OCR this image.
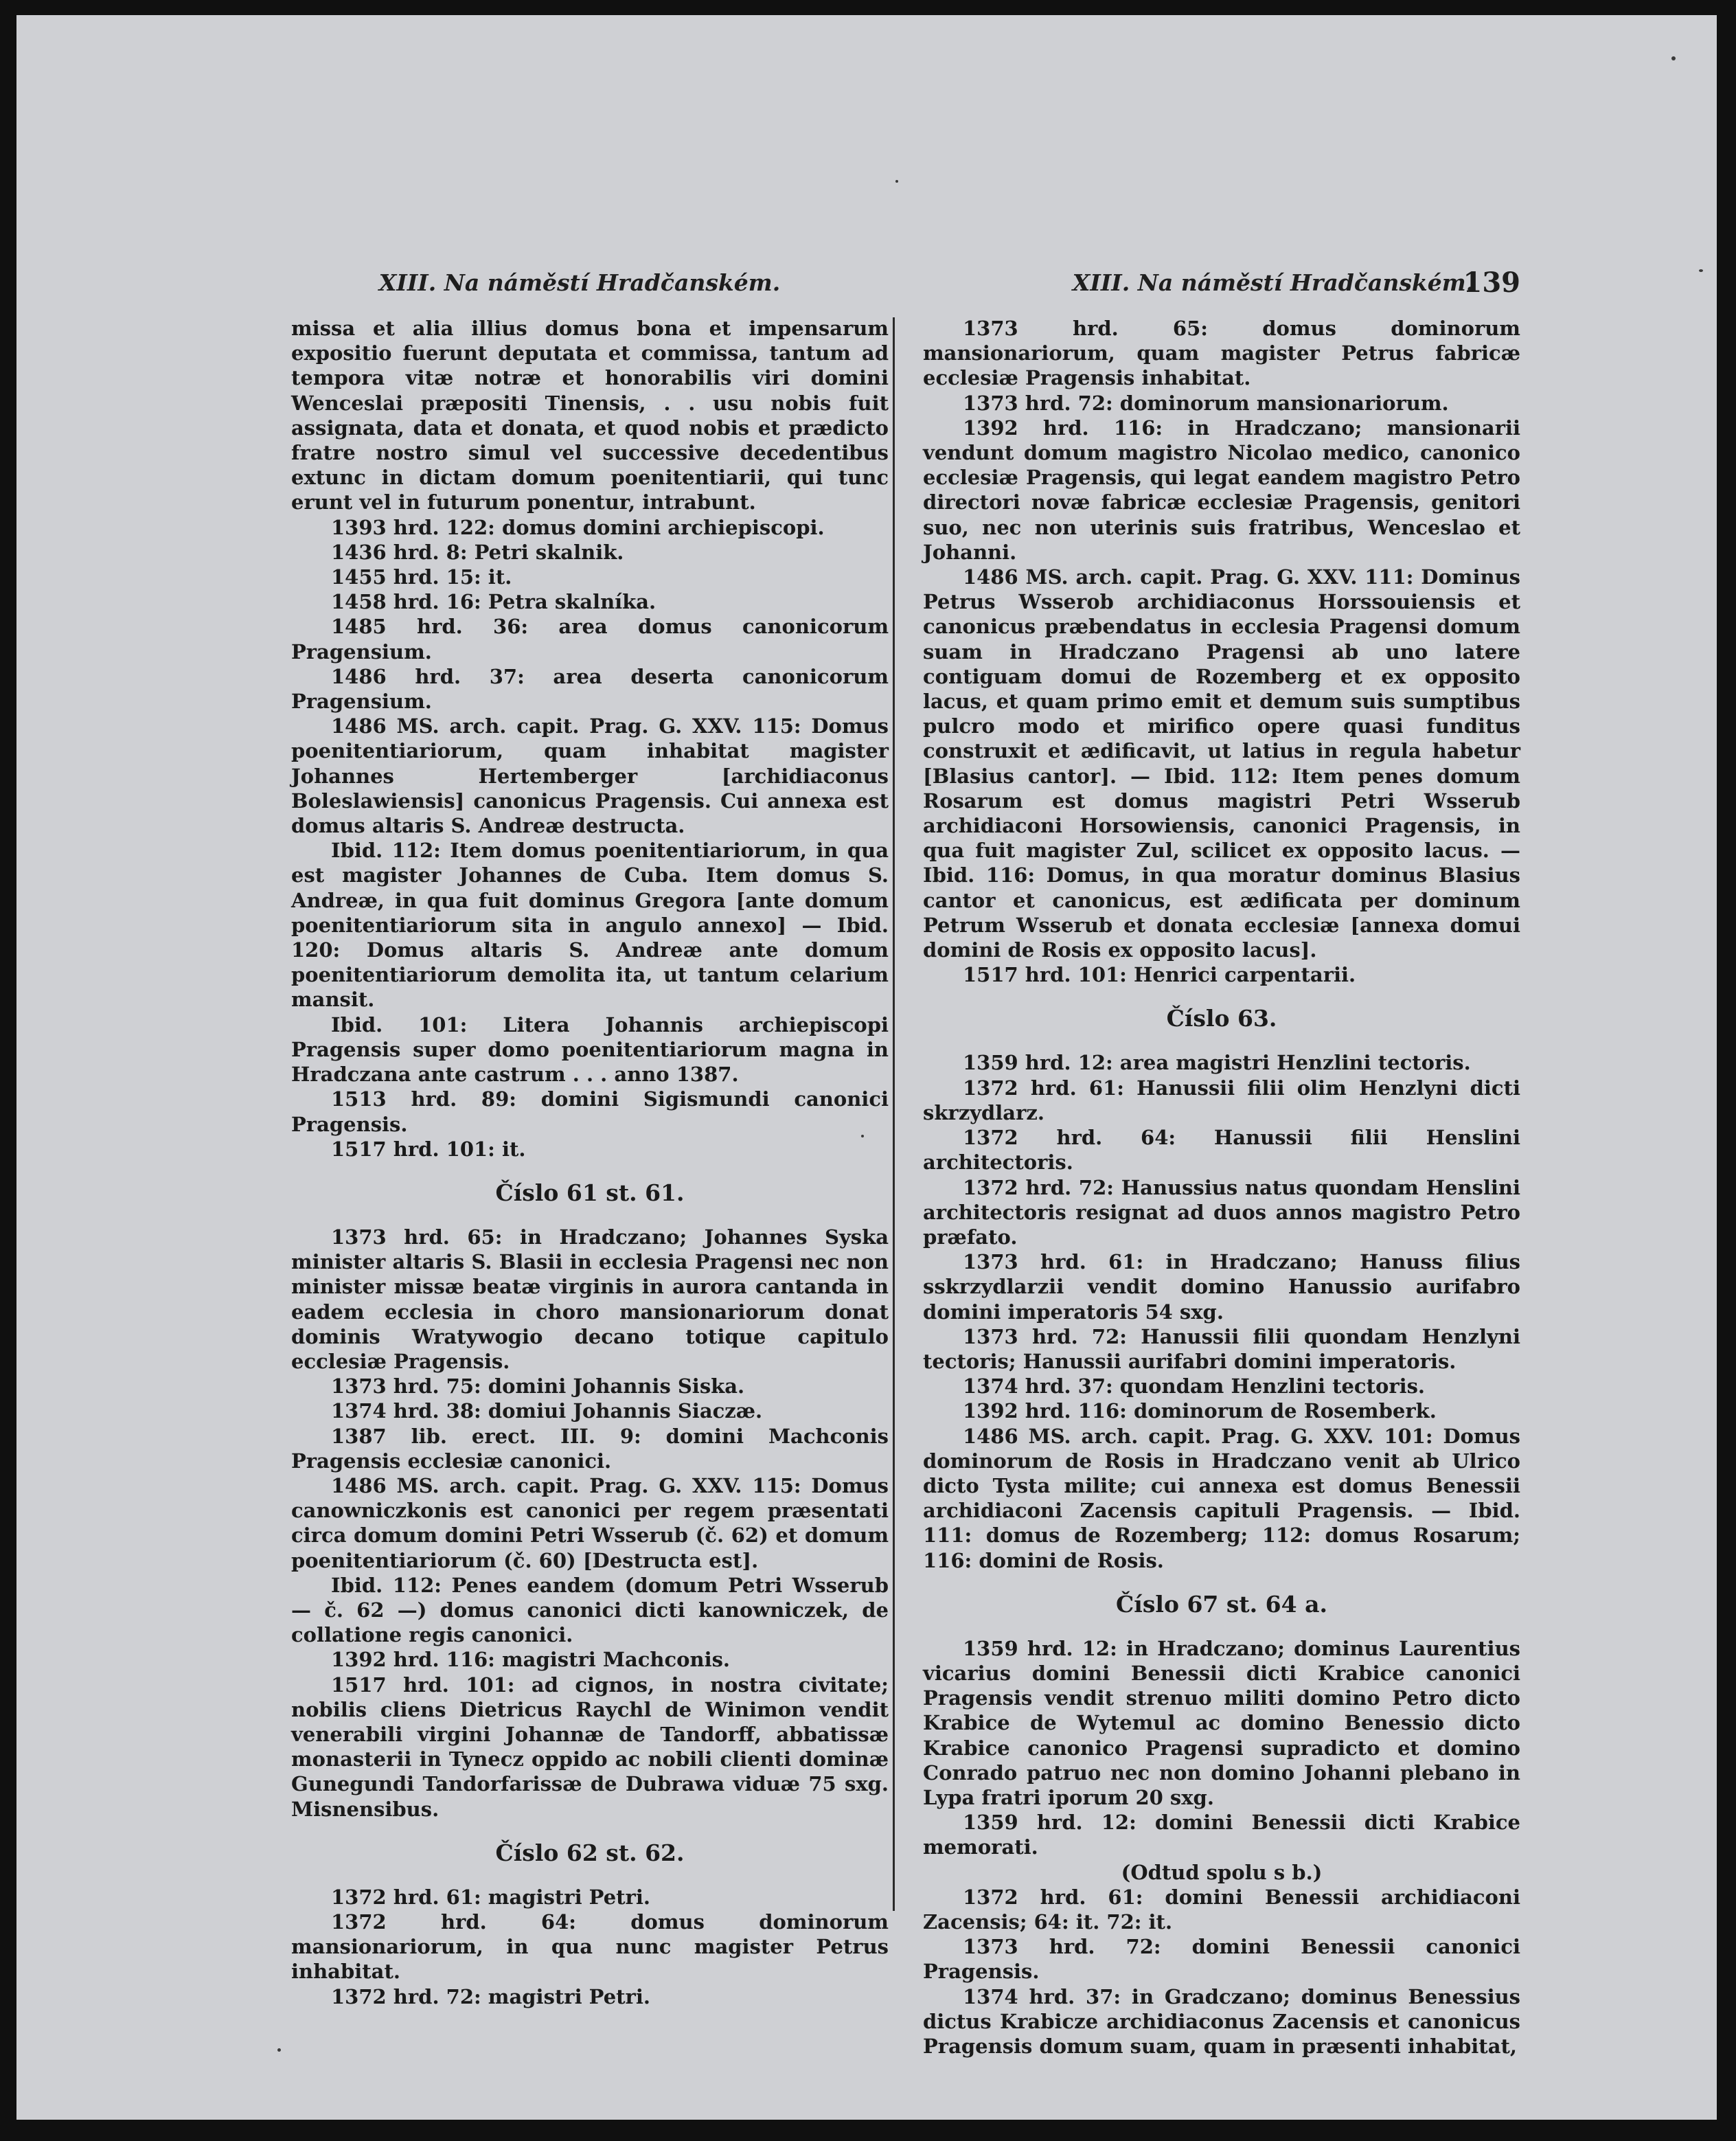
XIII. Na náměstí Hradčanském.	XIII. Na náměstí Hradčanském.
139

missa et alia illius domus bona et impensarum expositio fuerunt deputata et commissa, tantum ad tempora vitæ notræ et honorabilis viri domini Wenceslai præpositi Tinensis, . . usu nobis fuit assignata, data et donata, et quod nobis et prædicto fratre nostro simul vel successive decedentibus extunc in dictam domum poenitentiarii, qui tunc erunt vel in futurum ponentur, intrabunt.

1393 hrd. 122: domus domini archiepiscopi.

1436 hrd. 8: Petri skalnik.

1455 hrd. 15: it.

1458 hrd. 16: Petra skalníka.

1485 hrd. 36: area domus canonicorum Pragensium.

1486 hrd. 37: area deserta canonicorum Pragensium.

1486 MS. arch. capit. Prag. G. XXV. 115: Domus poenitentiariorum, quam inhabitat magister Johannes Hertemberger [archidiaconus Boleslawiensis] canonicus Pragensis. Cui annexa est domus altaris S. Andreæ destructa.

Ibid. 112: Item domus poenitentiariorum, in qua est magister Johannes de Cuba. Item domus S. Andreæ, in qua fuit dominus Gregora [ante domum poenitentiariorum sita in angulo annexo] — Ibid. 120: Domus altaris S. Andreæ ante domum poenitentiariorum demolita ita, ut tantum celarium mansit.

Ibid. 101: Litera Johannis archiepiscopi Pragensis super domo poenitentiariorum magna in Hradczana ante castrum . . . anno 1387.

1513 hrd. 89: domini Sigismundi canonici Pragensis.

1517 hrd. 101: it.

Číslo 61 st. 61.

1373 hrd. 65: in Hradczano; Johannes Syska minister altaris S. Blasii in ecclesia Pragensi nec non minister missæ beatæ virginis in aurora cantanda in eadem ecclesia in choro mansionariorum donat dominis Wratywogio decano totique capitulo ecclesiæ Pragensis.

1373 hrd. 75: domini Johannis Siska.

1374 hrd. 38: domiui Johannis Siaczæ.

1387 lib. erect. III. 9: domini Machconis Pragensis ecclesiæ canonici.

1486 MS. arch. capit. Prag. G. XXV. 115: Domus canowniczkonis est canonici per regem præsentati circa domum domini Petri Wsserub (č. 62) et domum poenitentiariorum (č. 60) [Destructa est].

Ibid. 112: Penes eandem (domum Petri Wsserub — č. 62 —) domus canonici dicti kanowniczek, de collatione regis canonici.

1392 hrd. 116: magistri Machconis.

1517 hrd. 101: ad cignos, in nostra civitate; nobilis cliens Dietricus Raychl de Winimon vendit venerabili virgini Johannæ de Tandorff, abbatissæ monasterii in Tynecz oppido ac nobili clienti dominæ Gunegundi Tandorfarissæ de Dubrawa viduæ 75 sxg. Misnensibus.

Číslo 62 st. 62.

1372 hrd. 61: magistri Petri.

1372 hrd. 64: domus dominorum mansionariorum, in qua nunc magister Petrus inhabitat.

1372 hrd. 72: magistri Petri.

1373 hrd. 65: domus dominorum mansionariorum, quam magister Petrus fabricæ ecclesiæ Pragensis inhabitat.

1373 hrd. 72: dominorum mansionariorum.

1392 hrd. 116: in Hradczano; mansionarii vendunt domum magistro Nicolao medico, canonico ecclesiæ Pragensis, qui legat eandem magistro Petro directori novæ fabricæ ecclesiæ Pragensis, genitori suo, nec non uterinis suis fratribus, Wenceslao et Johanni.

1486 MS. arch. capit. Prag. G. XXV. 111: Dominus Petrus Wsserob archidiaconus Horssouiensis et canonicus præbendatus in ecclesia Pragensi domum suam in Hradczano Pragensi ab uno latere contiguam domui de Rozemberg et ex opposito lacus, et quam primo emit et demum suis sumptibus pulcro modo et mirifico opere quasi funditus construxit et ædificavit, ut latius in regula habetur [Blasius cantor]. — Ibid. 112: Item penes domum Rosarum est domus magistri Petri Wsserub archidiaconi Horsowiensis, canonici Pragensis, in qua fuit magister Zul, scilicet ex opposito lacus. — Ibid. 116: Domus, in qua moratur dominus Blasius cantor et canonicus, est ædificata per dominum Petrum Wsserub et donata ecclesiæ [annexa domui domini de Rosis ex opposito lacus].

1517 hrd. 101: Henrici carpentarii.

Číslo 63.

1359 hrd. 12: area magistri Henzlini tectoris.

1372 hrd. 61: Hanussii filii olim Henzlyni dicti skrzydlarz.

1372 hrd. 64: Hanussii filii Henslini architectoris.

1372 hrd. 72: Hanussius natus quondam Henslini architectoris resignat ad duos annos magistro Petro præfato.

1373 hrd. 61: in Hradczano; Hanuss filius sskrzydlarzii vendit domino Hanussio aurifabro domini imperatoris 54 sxg.

1373 hrd. 72: Hanussii filii quondam Henzlyni tectoris; Hanussii aurifabri domini imperatoris.

1374 hrd. 37: quondam Henzlini tectoris.

1392 hrd. 116: dominorum de Rosemberk.

1486 MS. arch. capit. Prag. G. XXV. 101: Domus dominorum de Rosis in Hradczano venit ab Ulrico dicto Tysta milite; cui annexa est domus Benessii archidiaconi Zacensis capituli Pragensis. — Ibid. 111: domus de Rozemberg; 112: domus Rosarum; 116: domini de Rosis.

Číslo 67 st. 64 a.

1359 hrd. 12: in Hradczano; dominus Laurentius vicarius domini Benessii dicti Krabice canonici Pragensis vendit strenuo militi domino Petro dicto Krabice de Wytemul ac domino Benessio dicto Krabice canonico Pragensi supradicto et domino Conrado patruo nec non domino Johanni plebano in Lypa fratri iporum 20 sxg.

1359 hrd. 12: domini Benessii dicti Krabice memorati.

(Odtud spolu s b.)

1372 hrd. 61: domini Benessii archidiaconi Zacensis; 64: it. 72: it.

1373 hrd. 72: domini Benessii canonici Pragensis.

1374 hrd. 37: in Gradczano; dominus Benessius dictus Krabicze archidiaconus Zacensis et canonicus Pragensis domum suam, quam in præsenti inhabitat,
